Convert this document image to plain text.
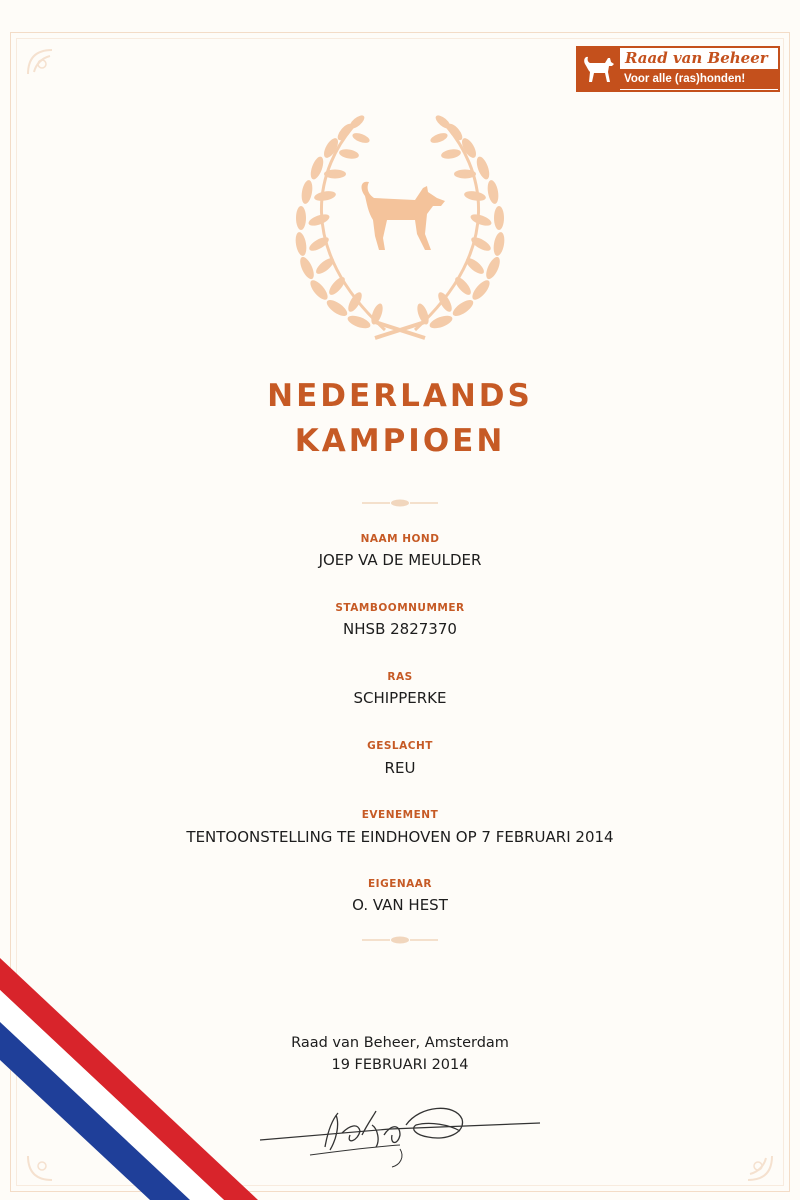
Raad van Beheer
Voor alle (ras)honden!
NEDERLANDS
KAMPIOEN
NAAM HOND
JOEP VA DE MEULDER
STAMBOOMNUMMER
NHSB 2827370
RAS
SCHIPPERKE
GESLACHT
REU
EVENEMENT
TENTOONSTELLING TE EINDHOVEN OP 7 FEBRUARI 2014
EIGENAAR
O. VAN HEST
Raad van Beheer, Amsterdam
19 FEBRUARI 2014
